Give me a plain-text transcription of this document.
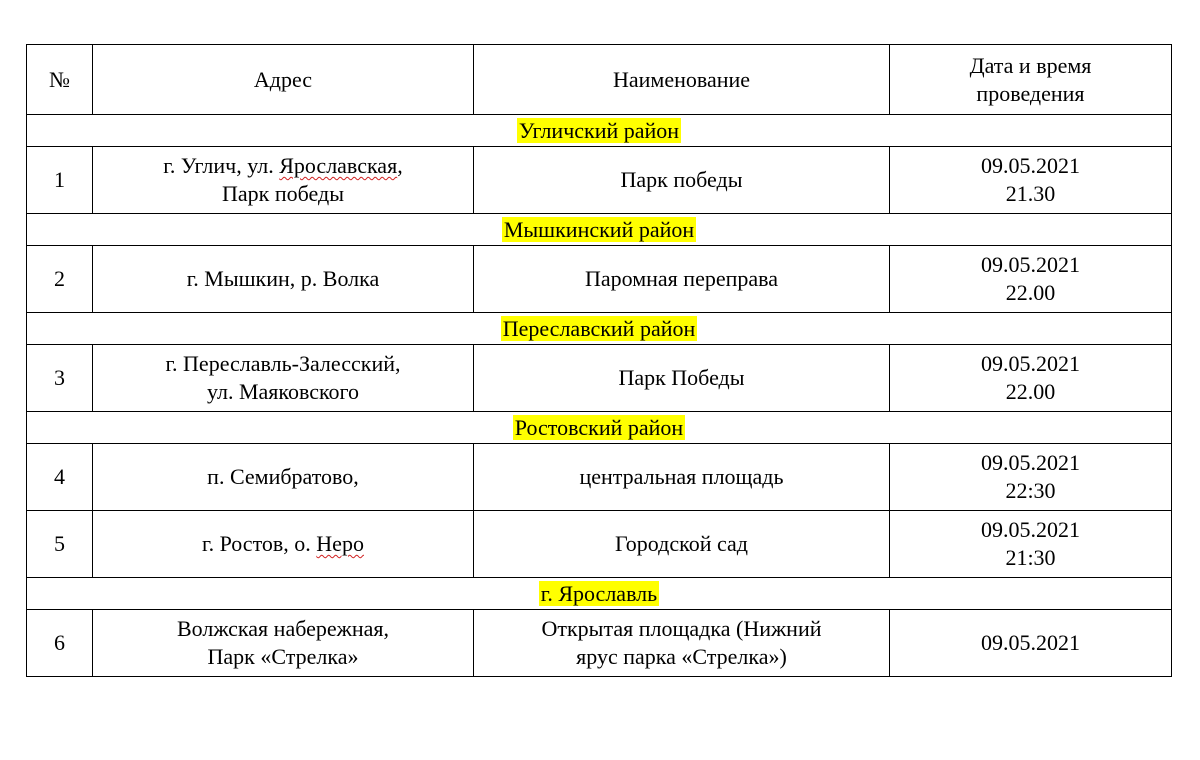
№	Адрес	Наименование	Дата и время
проведения

Угличский район			
1	г. Углич, ул. Ярославская,
Парк победы	Парк победы	09.05.2021
21.30

Мышкинский район			
2	г. Мышкин, р. Волка	Паромная переправа	09.05.2021
22.00

Переславский район			
3	г. Переславль-Залесский,
ул. Маяковского	Парк Победы	09.05.2021
22.00

Ростовский район			
4	п. Семибратово,	центральная площадь	09.05.2021
22:30

5	г. Ростов, о. Неро	Городской сад	09.05.2021
21:30

г. Ярославль			
6	Волжская набережная,
Парк «Стрелка»	Открытая площадка (Нижний
ярус парка «Стрелка»)	09.05.2021
